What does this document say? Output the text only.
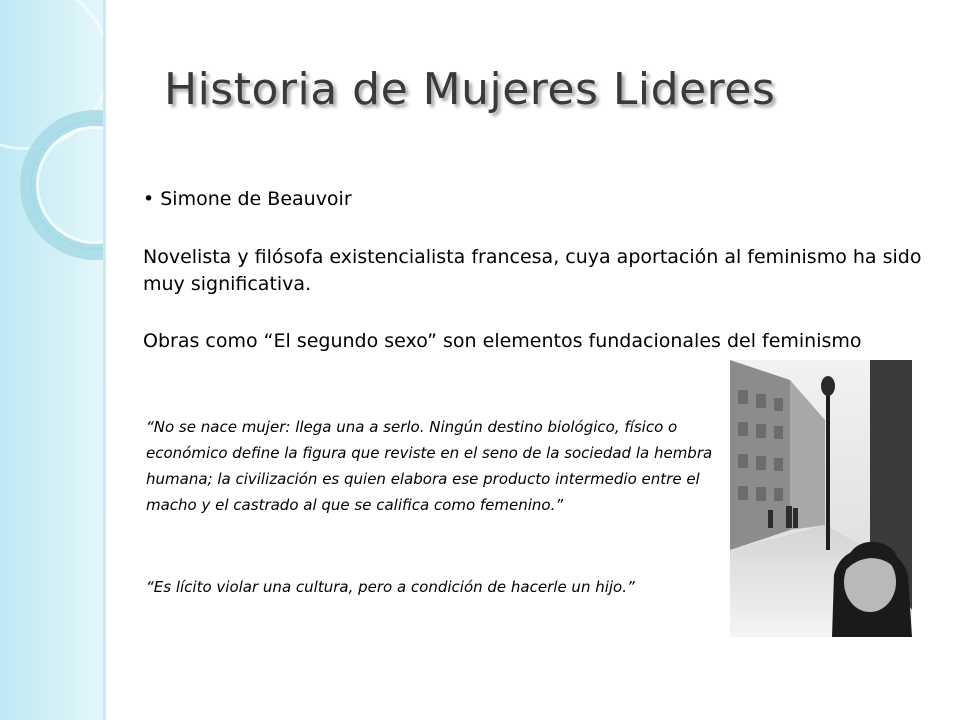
Historia de Mujeres Lideres
• Simone de Beauvoir
Novelista y filósofa existencialista francesa, cuya aportación al feminismo ha sido muy significativa.
Obras como “El segundo sexo” son elementos fundacionales del feminismo
“No se nace mujer: llega una a serlo. Ningún destino biológico, físico o económico define la figura que reviste en el seno de la sociedad la hembra humana; la civilización es quien elabora ese producto intermedio entre el macho y el castrado al que se califica como femenino.”
“Es lícito violar una cultura, pero a condición de hacerle un hijo.”
